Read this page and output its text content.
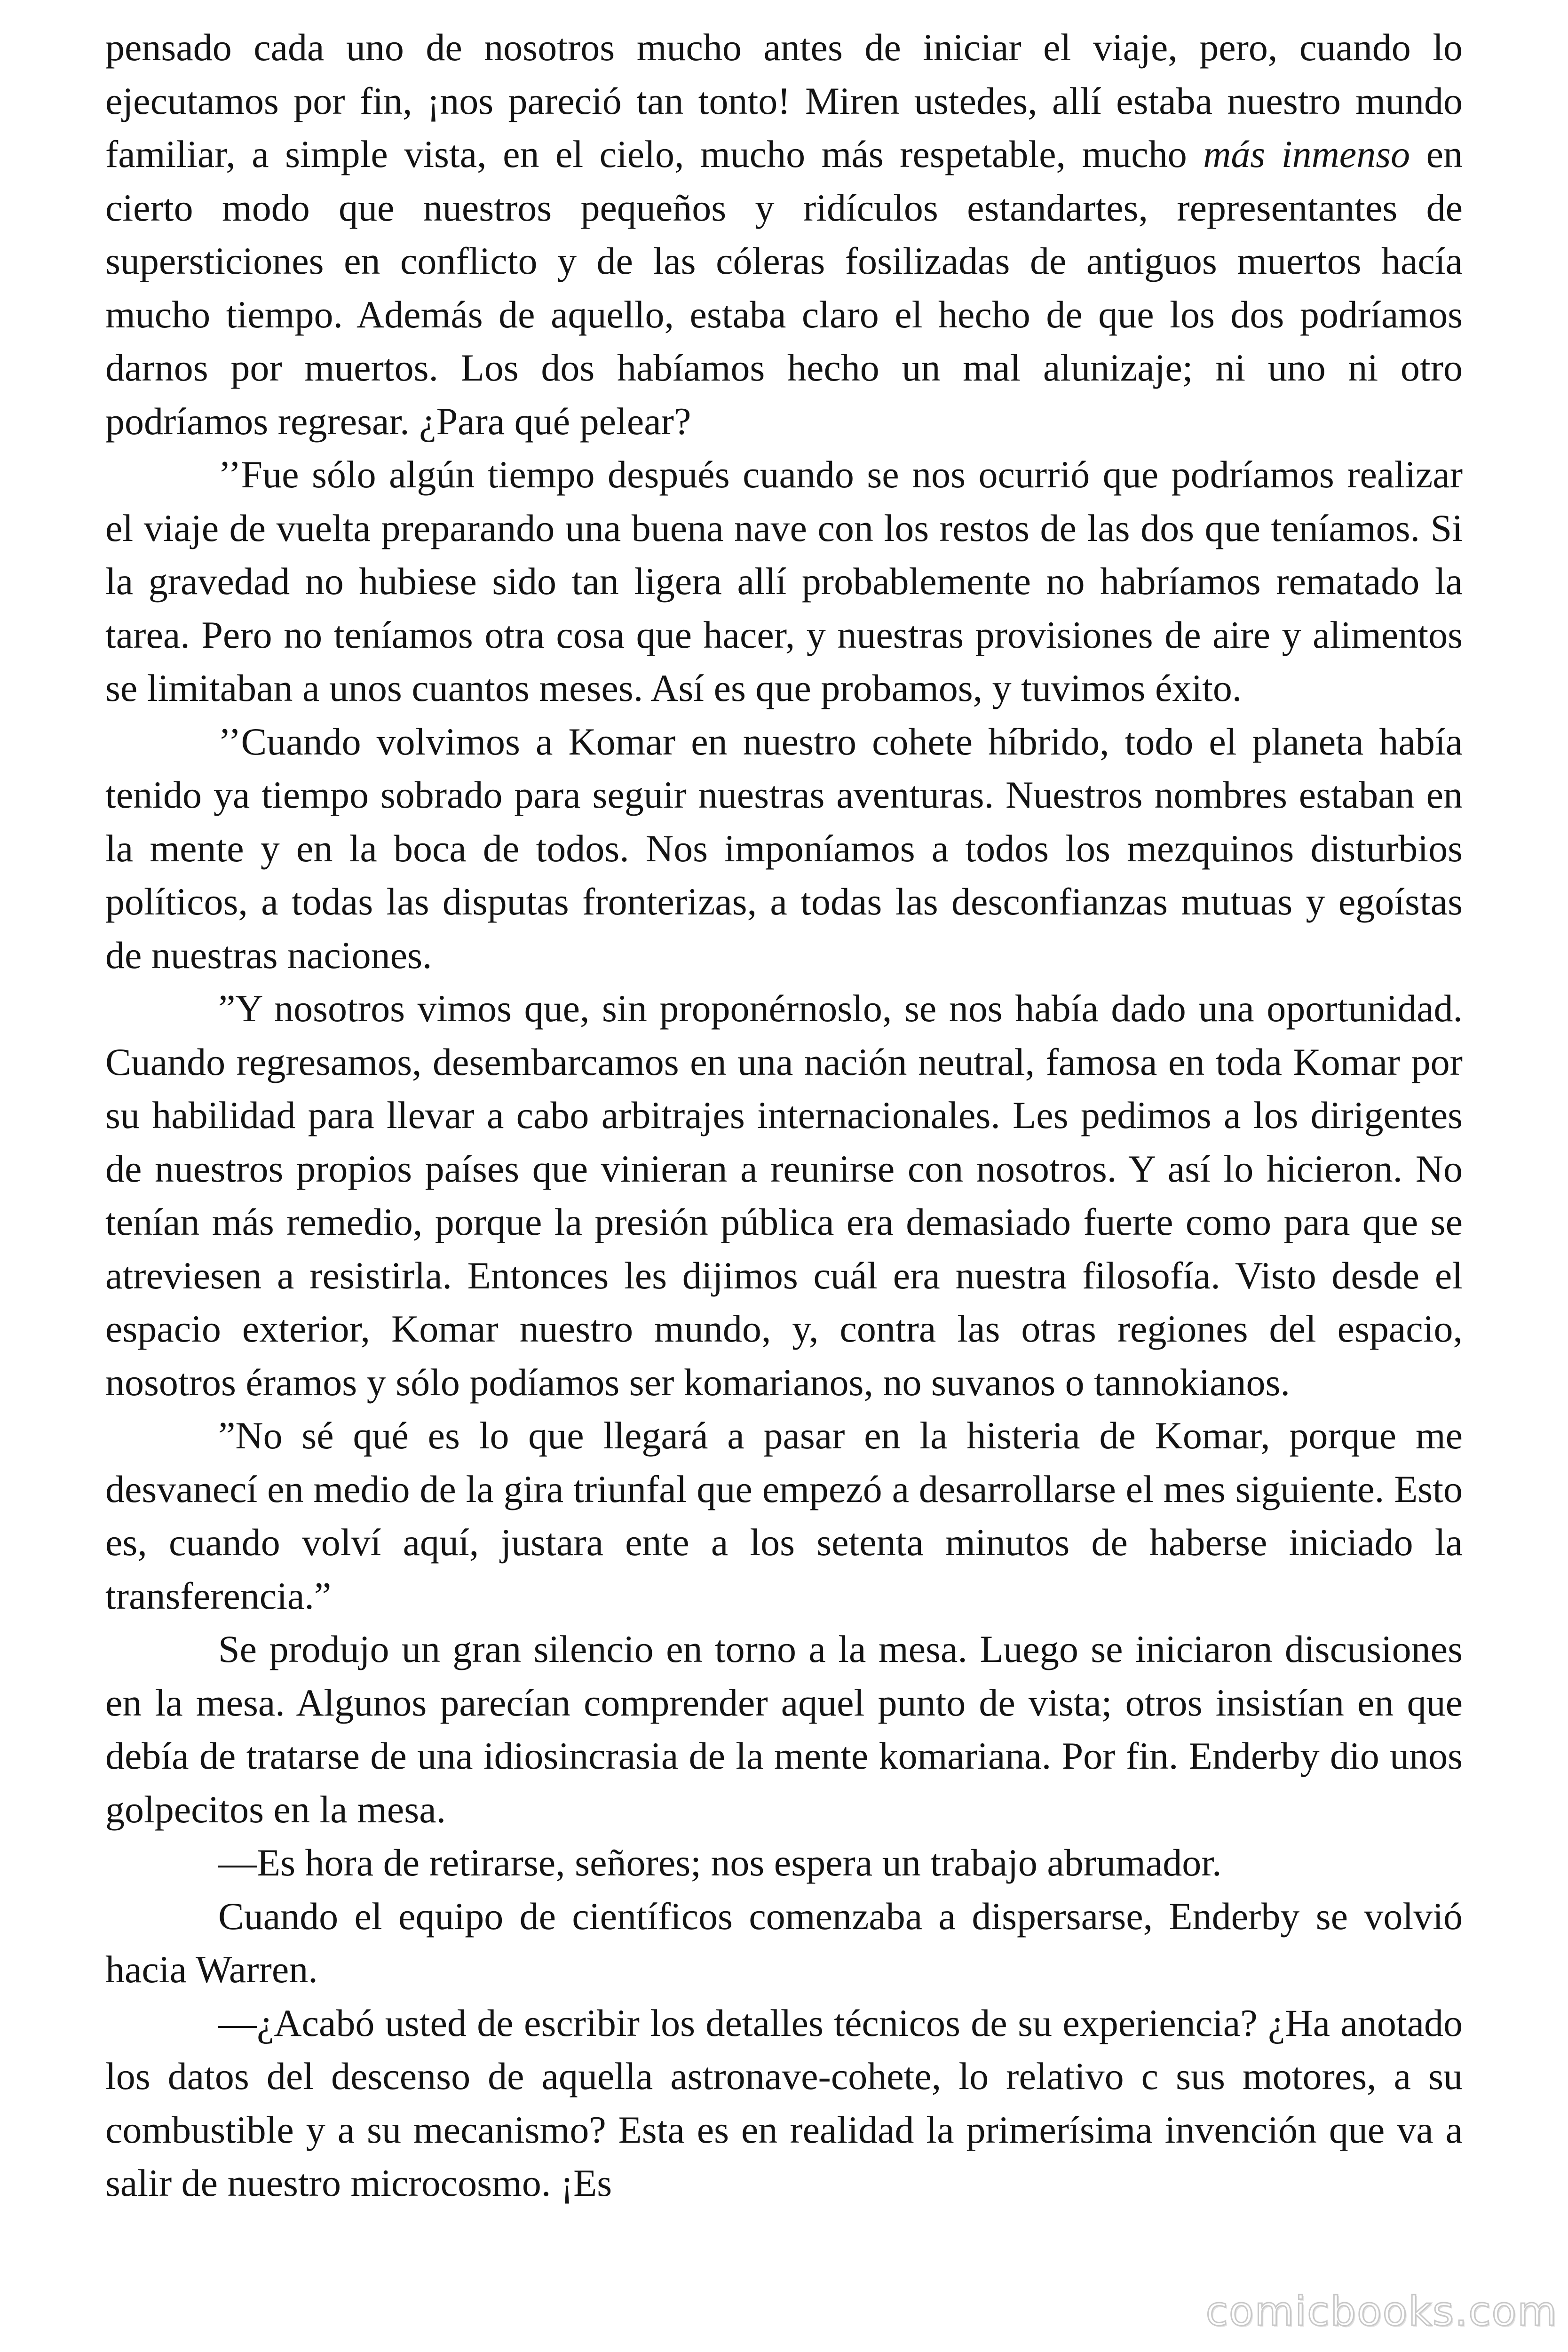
pensado cada uno de nosotros mucho antes de iniciar el viaje, pero, cuando lo ejecutamos por fin, ¡nos pareció tan tonto! Miren ustedes, allí estaba nuestro mundo familiar, a simple vista, en el cielo, mucho más respetable, mucho más inmenso en cierto modo que nuestros pequeños y ridículos estandartes, representantes de supersticiones en conflicto y de las cóleras fosilizadas de antiguos muertos hacía mucho tiempo. Además de aquello, estaba claro el hecho de que los dos podríamos darnos por muertos. Los dos habíamos hecho un mal alunizaje; ni uno ni otro podríamos regresar. ¿Para qué pelear?

’’Fue sólo algún tiempo después cuando se nos ocurrió que podríamos realizar el viaje de vuelta preparando una buena nave con los restos de las dos que teníamos. Si la gravedad no hubiese sido tan ligera allí probablemente no habríamos rematado la tarea. Pero no teníamos otra cosa que hacer, y nuestras provisiones de aire y alimentos se limitaban a unos cuantos meses. Así es que probamos, y tuvimos éxito.

’’Cuando volvimos a Komar en nuestro cohete híbrido, todo el planeta había tenido ya tiempo sobrado para seguir nuestras aventuras. Nuestros nombres estaban en la mente y en la boca de todos. Nos imponíamos a todos los mezquinos disturbios políticos, a todas las disputas fronterizas, a todas las desconfianzas mutuas y egoístas de nuestras naciones.

”Y nosotros vimos que, sin proponérnoslo, se nos había dado una oportunidad. Cuando regresamos, desembarcamos en una nación neutral, famosa en toda Komar por su habilidad para llevar a cabo arbitrajes internacionales. Les pedimos a los dirigentes de nuestros propios países que vinieran a reunirse con nosotros. Y así lo hicieron. No tenían más remedio, porque la presión pública era demasiado fuerte como para que se atreviesen a resistirla. Entonces les dijimos cuál era nuestra filosofía. Visto desde el espacio exterior, Komar nuestro mundo, y, contra las otras regiones del espacio, nosotros éramos y sólo podíamos ser komarianos, no suvanos o tannokianos.

”No sé qué es lo que llegará a pasar en la histeria de Komar, porque me desvanecí en medio de la gira triunfal que empezó a desarrollarse el mes siguiente. Esto es, cuando volví aquí, justara ente a los setenta minutos de haberse iniciado la transferencia.”

Se produjo un gran silencio en torno a la mesa. Luego se iniciaron discusiones en la mesa. Algunos parecían comprender aquel punto de vista; otros insistían en que debía de tratarse de una idiosincrasia de la mente komariana. Por fin. Enderby dio unos golpecitos en la mesa.

—Es hora de retirarse, señores; nos espera un trabajo abrumador.

Cuando el equipo de científicos comenzaba a dispersarse, Enderby se volvió hacia Warren.

—¿Acabó usted de escribir los detalles técnicos de su experiencia? ¿Ha anotado los datos del descenso de aquella astronave-cohete, lo relativo c sus motores, a su combustible y a su mecanismo? Esta es en realidad la primerísima invención que va a salir de nuestro microcosmo. ¡Es

comicbooks.com
